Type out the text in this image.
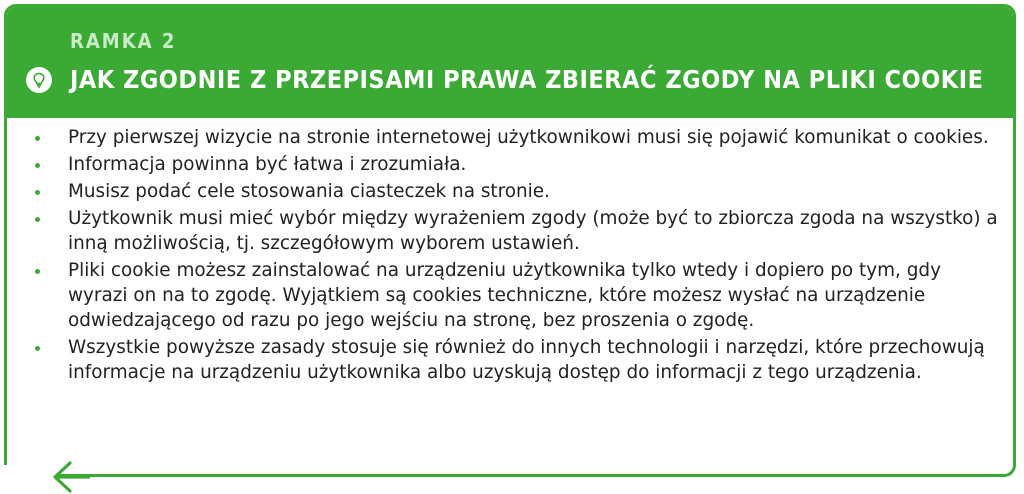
RAMKA 2
JAK ZGODNIE Z PRZEPISAMI PRAWA ZBIERAĆ ZGODY NA PLIKI COOKIE
Przy pierwszej wizycie na stronie internetowej użytkownikowi musi się pojawić komunikat o cookies.
Informacja powinna być łatwa i zrozumiała.
Musisz podać cele stosowania ciasteczek na stronie.
Użytkownik musi mieć wybór między wyrażeniem zgody (może być to zbiorcza zgoda na wszystko) a inną możliwością, tj. szczegółowym wyborem ustawień.
Pliki cookie możesz zainstalować na urządzeniu użytkownika tylko wtedy i dopiero po tym, gdy wyrazi on na to zgodę. Wyjątkiem są cookies techniczne, które możesz wysłać na urządzenie odwiedzającego od razu po jego wejściu na stronę, bez proszenia o zgodę.
Wszystkie powyższe zasady stosuje się również do innych technologii i narzędzi, które przechowują informacje na urządzeniu użytkownika albo uzyskują dostęp do informacji z tego urządzenia.
